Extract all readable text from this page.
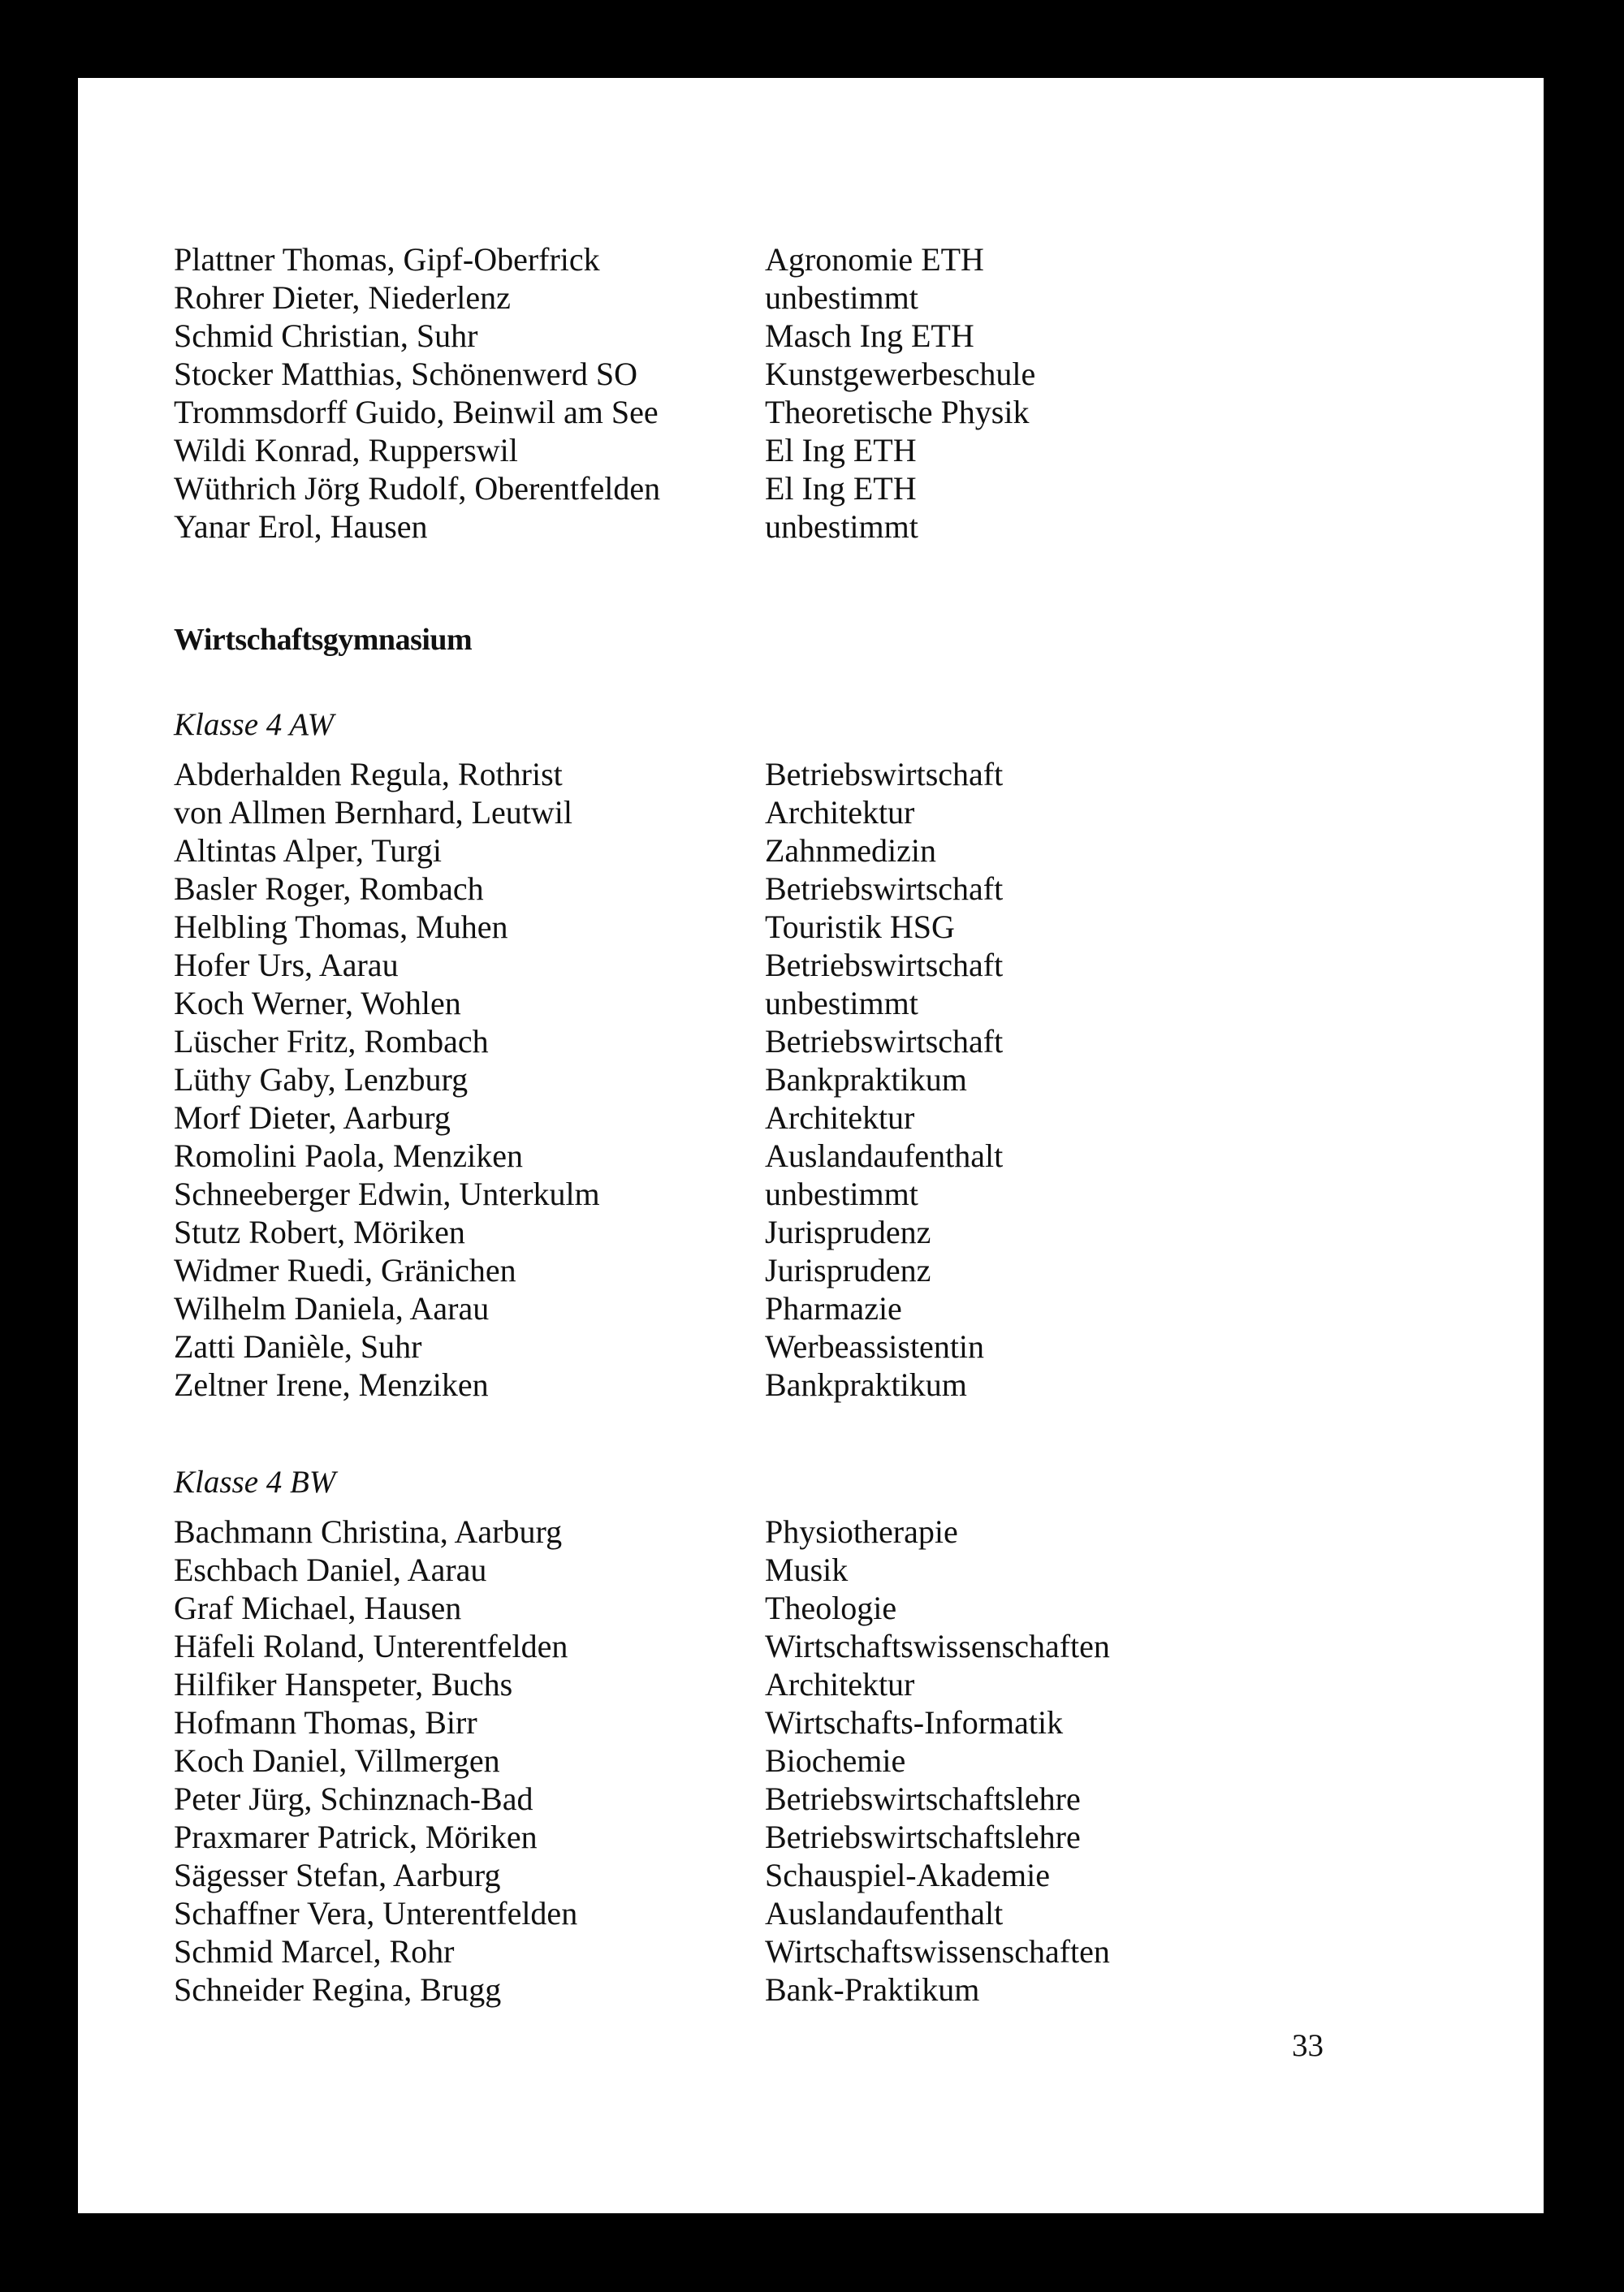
Plattner Thomas, Gipf-Oberfrick	Agronomie ETH
Rohrer Dieter, Niederlenz	unbestimmt
Schmid Christian, Suhr	Masch Ing ETH
Stocker Matthias, Schönenwerd SO	Kunstgewerbeschule
Trommsdorff Guido, Beinwil am See	Theoretische Physik
Wildi Konrad, Rupperswil	El Ing ETH
Wüthrich Jörg Rudolf, Oberentfelden	El Ing ETH
Yanar Erol, Hausen	unbestimmt
Wirtschaftsgymnasium
Klasse 4 AW
Abderhalden Regula, Rothrist	Betriebswirtschaft
von Allmen Bernhard, Leutwil	Architektur
Altintas Alper, Turgi	Zahnmedizin
Basler Roger, Rombach	Betriebswirtschaft
Helbling Thomas, Muhen	Touristik HSG
Hofer Urs, Aarau	Betriebswirtschaft
Koch Werner, Wohlen	unbestimmt
Lüscher Fritz, Rombach	Betriebswirtschaft
Lüthy Gaby, Lenzburg	Bankpraktikum
Morf Dieter, Aarburg	Architektur
Romolini Paola, Menziken	Auslandaufenthalt
Schneeberger Edwin, Unterkulm	unbestimmt
Stutz Robert, Möriken	Jurisprudenz
Widmer Ruedi, Gränichen	Jurisprudenz
Wilhelm Daniela, Aarau	Pharmazie
Zatti Danièle, Suhr	Werbeassistentin
Zeltner Irene, Menziken	Bankpraktikum
Klasse 4 BW
Bachmann Christina, Aarburg	Physiotherapie
Eschbach Daniel, Aarau	Musik
Graf Michael, Hausen	Theologie
Häfeli Roland, Unterentfelden	Wirtschaftswissenschaften
Hilfiker Hanspeter, Buchs	Architektur
Hofmann Thomas, Birr	Wirtschafts-Informatik
Koch Daniel, Villmergen	Biochemie
Peter Jürg, Schinznach-Bad	Betriebswirtschaftslehre
Praxmarer Patrick, Möriken	Betriebswirtschaftslehre
Sägesser Stefan, Aarburg	Schauspiel-Akademie
Schaffner Vera, Unterentfelden	Auslandaufenthalt
Schmid Marcel, Rohr	Wirtschaftswissenschaften
Schneider Regina, Brugg	Bank-Praktikum
33
